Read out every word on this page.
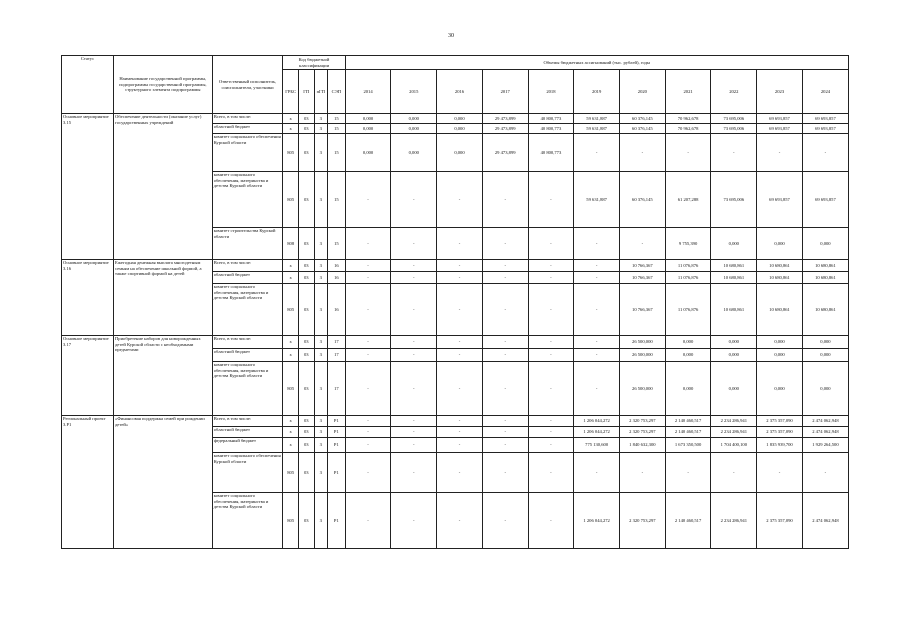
30
Статус	Наименование государственной программы, подпрограммы государственной программы, структурного элемента подпрограммы	Ответственный исполнитель, соисполнители, участники	Код бюджетной классификации				Объемы бюджетных ассигнований (тыс. рублей), годы										
			ГРБС	ГП	пГП	СЭП	2014	2015	2016	2017	2018	2019	2020	2021	2022	2023	2024
Основное мероприятие 3.15	Обеспечение деятельности (оказание услуг) государственных учреждений	Всего, в том числе:	x	03	3	15	0,000	0,000	0,000	29 473,899	40 800,773	59 631,887	60 376,145	70 962,678	73 695,006	69 693,857	69 693,857
		областной бюджет	x	03	3	15	0,000	0,000	0,000	29 473,899	40 800,773	59 631,887	60 376,145	70 962,678	73 695,006	69 693,857	69 693,857
		комитет социального обеспечения Курской области	805	03	3	15	0,000	0,000	0,000	29 473,899	40 800,773	-	-	-	-	-	-
		комитет социального обеспечения, материнства и детства Курской области	805	03	3	15	-	-	-	-	-	59 631,887	60 376,145	61 207,288	73 695,006	69 693,857	69 693,857
		комитет строительства Курской области	808	03	3	15	-	-	-	-	-	-	-	9 755,390	0,000	0,000	0,000
Основное мероприятие 3.16	Ежегодная денежная выплата многодетным семьям на обеспечение школьной формой, а также спортивной формой на детей	Всего, в том числе:	x	03	3	16	-	-	-	-	-	-	10 766,367	11 076,876	10 680,861	10 680,861	10 680,861
		областной бюджет	x	03	3	16	-	-	-	-	-	-	10 766,367	11 076,876	10 680,861	10 680,861	10 680,861
		комитет социального обеспечения, материнства и детства Курской области	805	03	3	16	-	-	-	-	-	-	10 766,367	11 076,876	10 680,861	10 680,861	10 680,861
Основное мероприятие 3.17	Приобретение наборов для новорожденных детей Курской области с необходимыми предметами	Всего, в том числе:	x	03	3	17	-	-	-	-	-	-	26 500,000	0,000	0,000	0,000	0,000
		областной бюджет	x	03	3	17	-	-	-	-	-	-	26 500,000	0,000	0,000	0,000	0,000
		комитет социального обеспечения, материнства и детства Курской области	805	03	3	17	-	-	-	-	-	-	26 500,000	0,000	0,000	0,000	0,000
Региональный проект 3.Р1	«Финансовая поддержка семей при рождении детей»	Всего, в том числе:	x	03	3	Р1	-	-	-	-	-	1 206 044,272	2 320 753,297	2 140 460,517	2 234 286,941	2 375 357,090	2 474 062,948
		областной бюджет	x	03	3	Р1	-	-	-	-	-	1 206 044,272	2 320 753,297	2 140 460,517	2 234 286,941	2 375 357,090	2 474 062,948
		федеральный бюджет	x	03	3	Р1	-	-	-	-	-	775 130,600	1 840 632,300	1 673 350,500	1 704 400,100	1 835 939,700	1 929 264,500
		комитет социального обеспечения Курской области	805	03	3	Р1	-	-	-	-	-	-	-	-	-	-	-
		комитет социального обеспечения, материнства и детства Курской области	805	03	3	Р1	-	-	-	-	-	1 206 044,272	2 320 753,297	2 140 460,517	2 234 286,941	2 375 357,090	2 474 062,948
